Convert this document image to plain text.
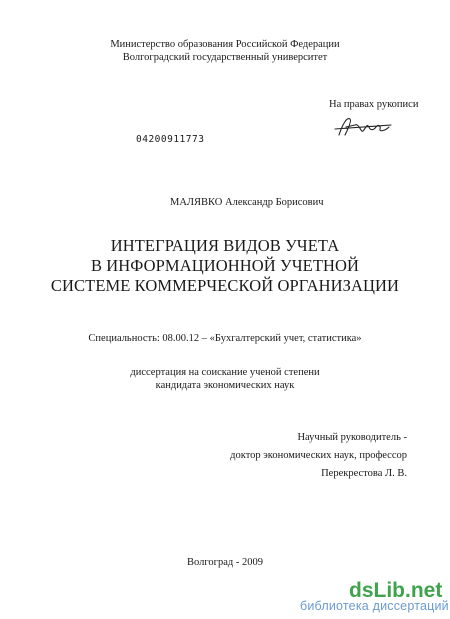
Министерство образования Российской Федерации
Волгоградский государственный университет
На правах рукописи
04200911773
МАЛЯВКО Александр Борисович
ИНТЕГРАЦИЯ ВИДОВ УЧЕТА
В ИНФОРМАЦИОННОЙ УЧЕТНОЙ
СИСТЕМЕ КОММЕРЧЕСКОЙ ОРГАНИЗАЦИИ
Специальность: 08.00.12 – «Бухгалтерский учет, статистика»
диссертация на соискание ученой степени
кандидата экономических наук
Научный руководитель -
доктор экономических наук, профессор
Перекрестова Л. В.
Волгоград - 2009
dsLib.net
библиотека диссертаций
